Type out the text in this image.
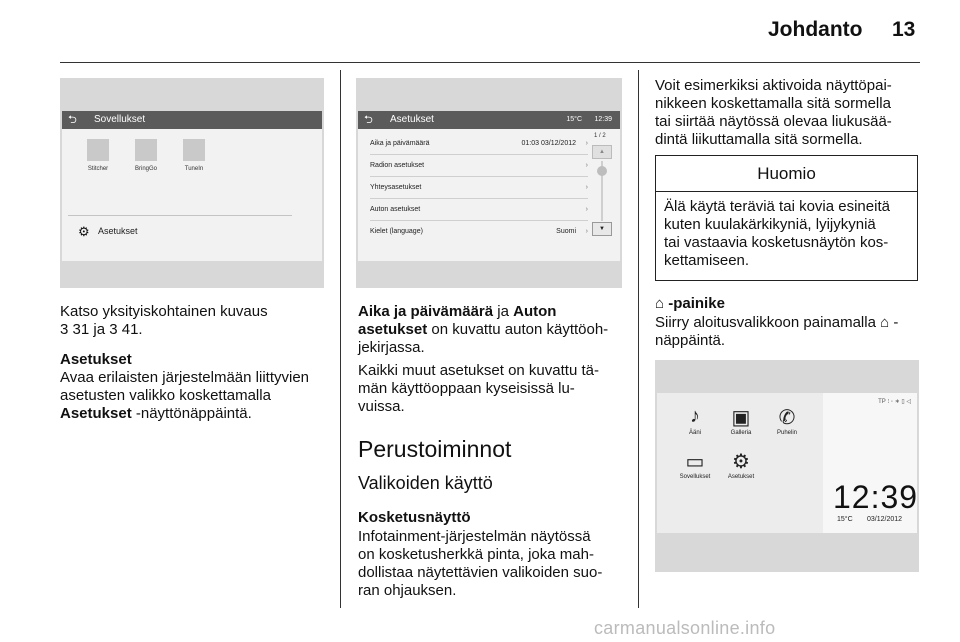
Johdanto 13
⮌ Sovellukset
Stitcher	BringGo	TuneIn
⚙ Asetukset
Katso yksityiskohtainen kuvaus
3 31 ja 3 41.
Asetukset
Avaa erilaisten järjestelmään liittyvien
asetusten valikko koskettamalla
Asetukset -näyttönäppäintä.
⮌ Asetukset	15°C 12:39
Aika ja päivämäärä	01:03 03/12/2012 ›
Radion asetukset	›
Yhteysasetukset	›
Auton asetukset	›
Kielet (language)	Suomi ›
1 / 2
▲
▼
Aika ja päivämäärä ja Auton
asetukset on kuvattu auton käyttöoh-
jekirjassa.
Kaikki muut asetukset on kuvattu tä-
män käyttöoppaan kyseisissä lu-
vuissa.
Perustoiminnot
Valikoiden käyttö
Kosketusnäyttö
Infotainment-järjestelmän näytössä
on kosketusherkkä pinta, joka mah-
dollistaa näytettävien valikoiden suo-
ran ohjauksen.
Voit esimerkiksi aktivoida näyttöpai-
nikkeen koskettamalla sitä sormella
tai siirtää näytössä olevaa liukusää-
dintä liikuttamalla sitä sormella.
Huomio
Älä käytä teräviä tai kovia esineitä
kuten kuulakärkikyniä, lyijykyniä
tai vastaavia kosketusnäytön kos-
kettamiseen.
⌂ -painike
Siirry aloitusvalikkoon painamalla ⌂ -
näppäintä.
♪
Ääni
▣
Galleria
✆
Puhelin
▭
Sovellukset
⚙
Asetukset
TP ⁝ ◦ ∗ ▯ ◁
12:39
15°C 03/12/2012
carmanualsonline.info
